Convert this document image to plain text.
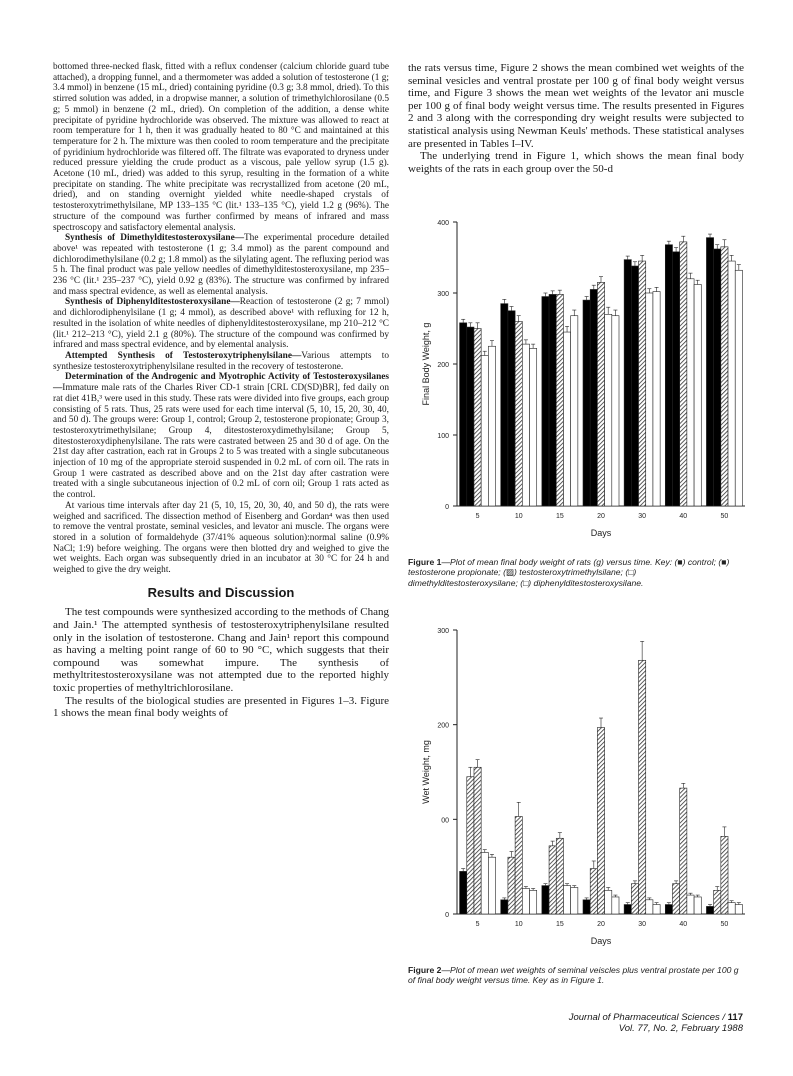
bottomed three-necked flask, fitted with a reflux condenser (calcium chloride guard tube attached), a dropping funnel, and a thermometer was added a solution of testosterone (1 g; 3.4 mmol) in benzene (15 mL, dried) containing pyridine (0.3 g; 3.8 mmol, dried). To this stirred solution was added, in a dropwise manner, a solution of trimethylchlorosilane (0.5 g; 5 mmol) in benzene (2 mL, dried). On completion of the addition, a dense white precipitate of pyridine hydrochloride was observed. The mixture was allowed to react at room temperature for 1 h, then it was gradually heated to 80 °C and maintained at this temperature for 2 h. The mixture was then cooled to room temperature and the precipitate of pyridinium hydrochloride was filtered off. The filtrate was evaporated to dryness under reduced pressure yielding the crude product as a viscous, pale yellow syrup (1.5 g). Acetone (10 mL, dried) was added to this syrup, resulting in the formation of a white precipitate on standing. The white precipitate was recrystallized from acetone (20 mL, dried), and on standing overnight yielded white needle-shaped crystals of testosteroxytrimethylsilane, MP 133–135 °C (lit.¹ 133–135 °C), yield 1.2 g (96%). The structure of the compound was further confirmed by means of infrared and mass spectroscopy and satisfactory elemental analysis.

Synthesis of Dimethylditestosteroxysilane—The experimental procedure detailed above¹ was repeated with testosterone (1 g; 3.4 mmol) as the parent compound and dichlorodimethylsilane (0.2 g; 1.8 mmol) as the silylating agent. The refluxing period was 5 h. The final product was pale yellow needles of dimethylditestosteroxysilane, mp 235–236 °C (lit.¹ 235–237 °C), yield 0.92 g (83%). The structure was confirmed by infrared and mass spectral evidence, as well as elemental analysis.

Synthesis of Diphenylditestosteroxysilane—Reaction of testosterone (2 g; 7 mmol) and dichlorodiphenylsilane (1 g; 4 mmol), as described above¹ with refluxing for 12 h, resulted in the isolation of white needles of diphenylditestosteroxysilane, mp 210–212 °C (lit.¹ 212–213 °C), yield 2.1 g (80%). The structure of the compound was confirmed by infrared and mass spectral evidence, and by elemental analysis.

Attempted Synthesis of Testosteroxytriphenylsilane—Various attempts to synthesize testosteroxytriphenylsilane resulted in the recovery of testosterone.

Determination of the Androgenic and Myotrophic Activity of Testosteroxysilanes—Immature male rats of the Charles River CD-1 strain [CRL CD(SD)BR], fed daily on rat diet 41B,³ were used in this study. These rats were divided into five groups, each group consisting of 5 rats. Thus, 25 rats were used for each time interval (5, 10, 15, 20, 30, 40, and 50 d). The groups were: Group 1, control; Group 2, testosterone propionate; Group 3, testosteroxytrimethylsilane; Group 4, ditestosteroxydimethylsilane; Group 5, ditestosteroxydiphenylsilane. The rats were castrated between 25 and 30 d of age. On the 21st day after castration, each rat in Groups 2 to 5 was treated with a single subcutaneous injection of 10 mg of the appropriate steroid suspended in 0.2 mL of corn oil. The rats in Group 1 were castrated as described above and on the 21st day after castration were treated with a single subcutaneous injection of 0.2 mL of corn oil; Group 1 rats acted as the control.

At various time intervals after day 21 (5, 10, 15, 20, 30, 40, and 50 d), the rats were weighed and sacrificed. The dissection method of Eisenberg and Gordan⁴ was then used to remove the ventral prostate, seminal vesicles, and levator ani muscle. The organs were stored in a solution of formaldehyde (37/41% aqueous solution):normal saline (0.9% NaCl; 1:9) before weighing. The organs were then blotted dry and weighed to give the wet weights. Each organ was subsequently dried in an incubator at 30 °C for 24 h and weighed to give the dry weight.

Results and Discussion

The test compounds were synthesized according to the methods of Chang and Jain.¹ The attempted synthesis of testosteroxytriphenylsilane resulted only in the isolation of testosterone. Chang and Jain¹ report this compound as having a melting point range of 60 to 90 °C, which suggests that their compound was somewhat impure. The synthesis of methyltritestosteroxysilane was not attempted due to the reported highly toxic properties of methyltrichlorosilane.

The results of the biological studies are presented in Figures 1–3. Figure 1 shows the mean final body weights of

the rats versus time, Figure 2 shows the mean combined wet weights of the seminal vesicles and ventral prostate per 100 g of final body weight versus time, and Figure 3 shows the mean wet weights of the levator ani muscle per 100 g of final body weight versus time. The results presented in Figures 2 and 3 along with the corresponding dry weight results were subjected to statistical analysis using Newman Keuls' methods. These statistical analyses are presented in Tables I–IV.

The underlying trend in Figure 1, which shows the mean final body weights of the rats in each group over the 50-d

0
100
200
300
400
Final Body Weight, g
5	10	15	20	30	40	50
Days
Figure 1—Plot of mean final body weight of rats (g) versus time. Key: (■) control; (■) testosterone propionate; (▨) testosteroxytrimethylsilane; (□) dimethylditestosteroxysilane; (□) diphenylditestosteroxysilane.
0
00
200
300
Wet Weight, mg
5	10	15	20	30	40	50
Days
Figure 2—Plot of mean wet weights of seminal veiscles plus ventral prostate per 100 g of final body weight versus time. Key as in Figure 1.
Journal of Pharmaceutical Sciences / 117
Vol. 77, No. 2, February 1988
